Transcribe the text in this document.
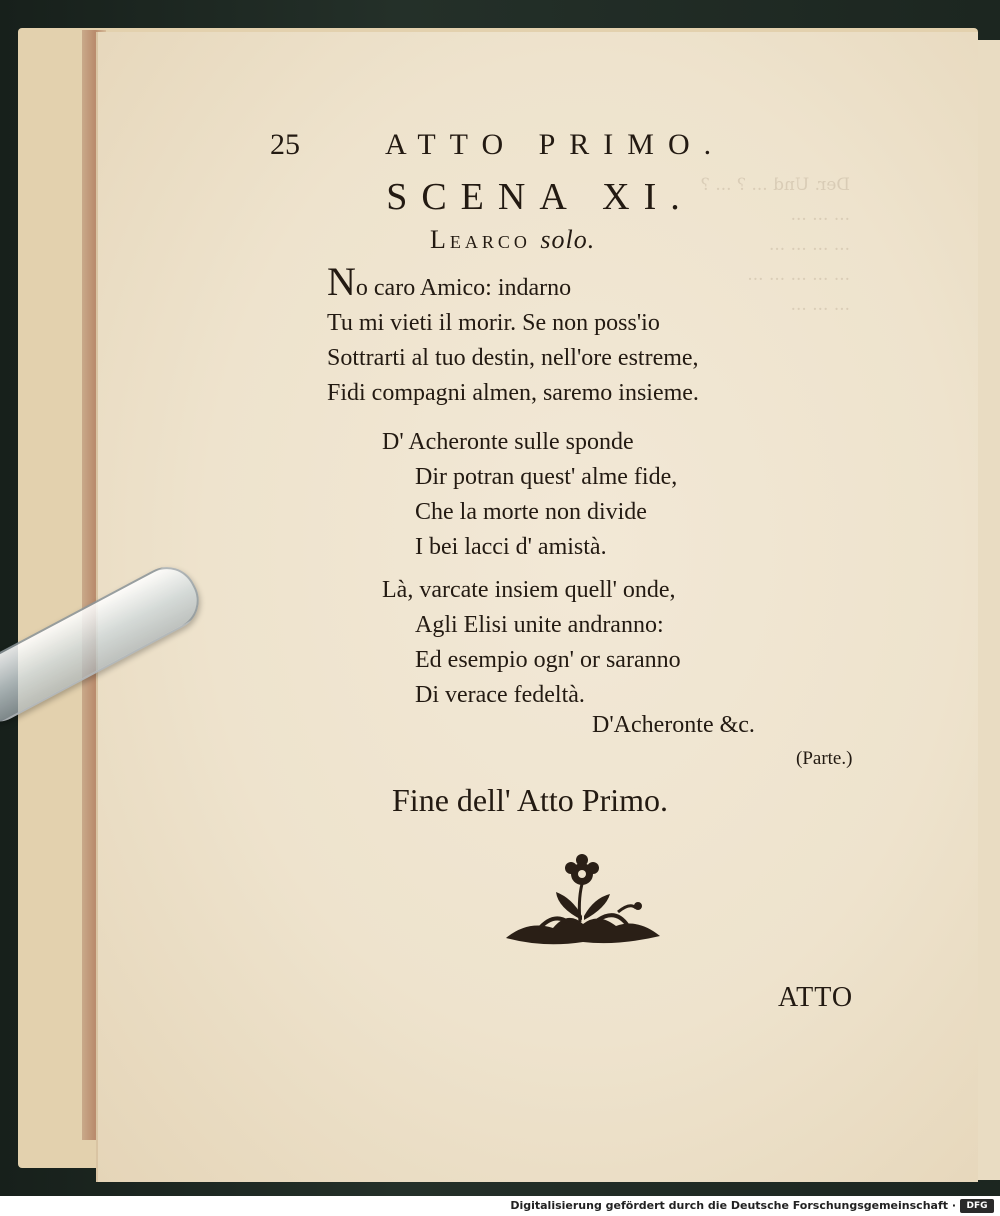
Der. Und ... ? ... ?
... ... ...
... ... ... ...
... ... ... ... ...
... ... ...
25	ATTO PRIMO.
SCENA XI.
Learco solo.
No caro Amico: indarno
Tu mi vieti il morir. Se non poss'io
Sottrarti al tuo destin, nell'ore estreme,
Fidi compagni almen, saremo insieme.
D' Acheronte sulle sponde
Dir potran quest' alme fide,
Che la morte non divide
I bei lacci d' amistà.
Là, varcate insiem quell' onde,
Agli Elisi unite andranno:
Ed esempio ogn' or saranno
Di verace fedeltà.
D'Acheronte &c.
(Parte.)
Fine dell' Atto Primo.
ATTO
Digitalisierung gefördert durch die Deutsche Forschungsgemeinschaft ·	DFG
